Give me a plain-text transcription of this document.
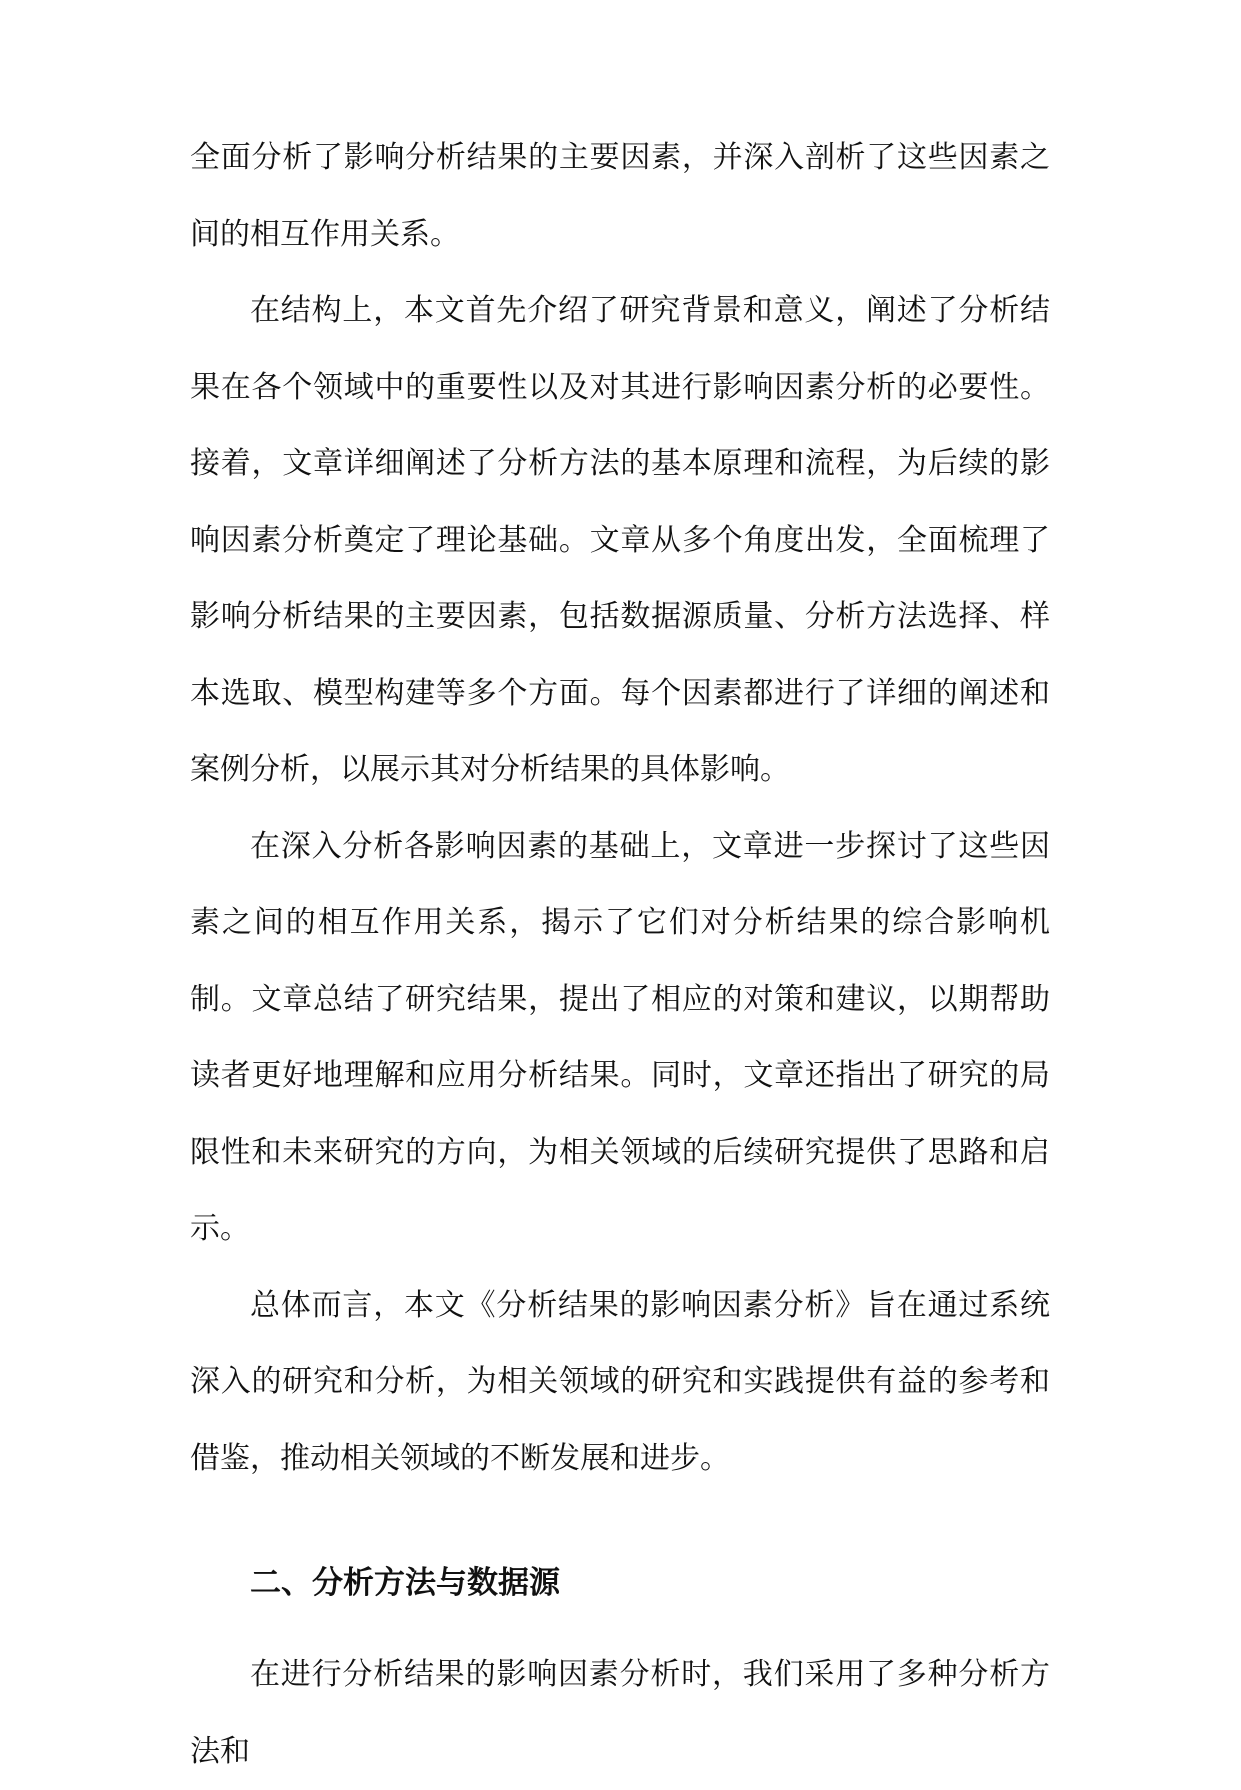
全面分析了影响分析结果的主要因素，并深入剖析了这些因素之间的相互作用关系。

在结构上，本文首先介绍了研究背景和意义，阐述了分析结果在各个领域中的重要性以及对其进行影响因素分析的必要性。接着，文章详细阐述了分析方法的基本原理和流程，为后续的影响因素分析奠定了理论基础。文章从多个角度出发，全面梳理了影响分析结果的主要因素，包括数据源质量、分析方法选择、样本选取、模型构建等多个方面。每个因素都进行了详细的阐述和案例分析，以展示其对分析结果的具体影响。

在深入分析各影响因素的基础上，文章进一步探讨了这些因素之间的相互作用关系，揭示了它们对分析结果的综合影响机制。文章总结了研究结果，提出了相应的对策和建议，以期帮助读者更好地理解和应用分析结果。同时，文章还指出了研究的局限性和未来研究的方向，为相关领域的后续研究提供了思路和启示。

总体而言，本文《分析结果的影响因素分析》旨在通过系统深入的研究和分析，为相关领域的研究和实践提供有益的参考和借鉴，推动相关领域的不断发展和进步。

二、分析方法与数据源

在进行分析结果的影响因素分析时，我们采用了多种分析方法和
